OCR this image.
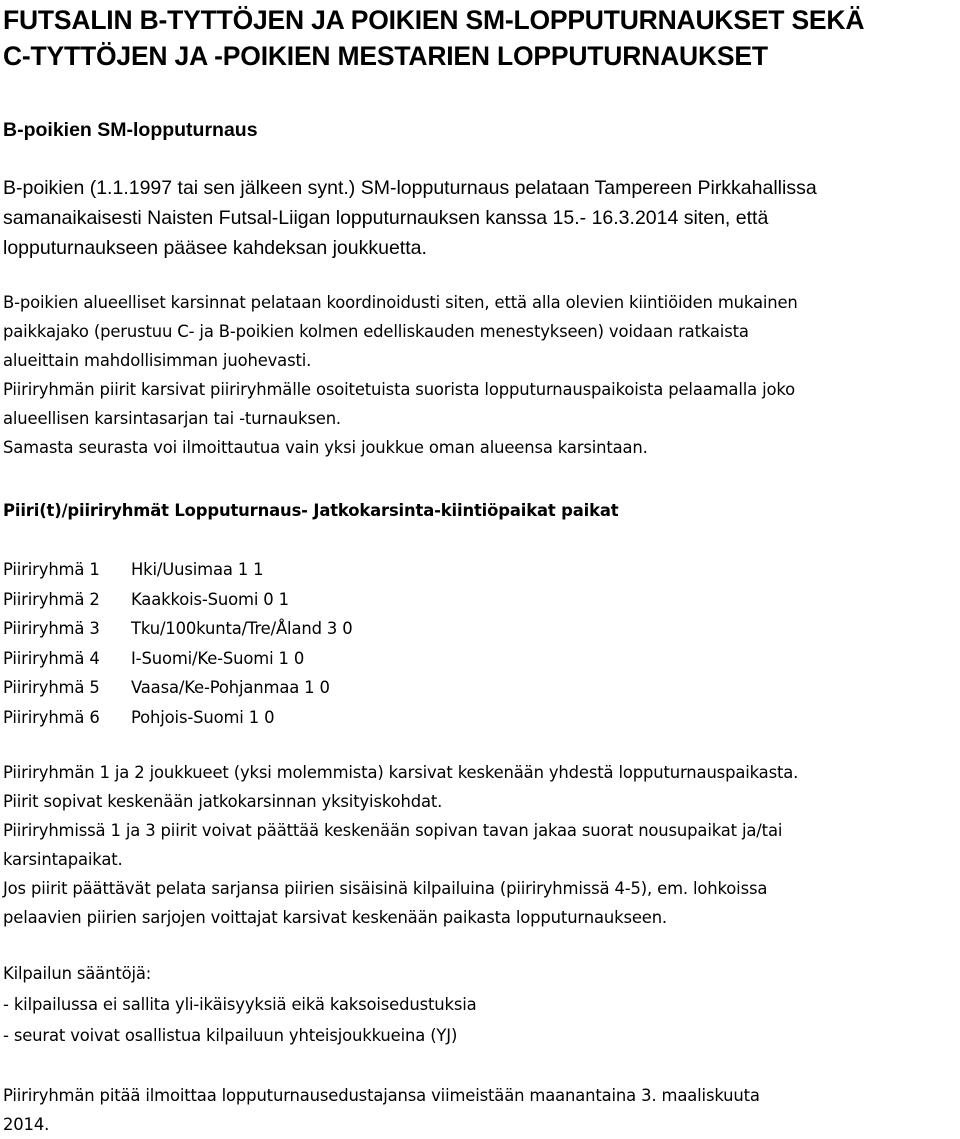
FUTSALIN B-TYTTÖJEN JA POIKIEN SM-LOPPUTURNAUKSET SEKÄ
C-TYTTÖJEN JA -POIKIEN MESTARIEN LOPPUTURNAUKSET
B-poikien SM-lopputurnaus
B-poikien (1.1.1997 tai sen jälkeen synt.) SM-lopputurnaus pelataan Tampereen Pirkkahallissa
samanaikaisesti Naisten Futsal-Liigan lopputurnauksen kanssa 15.- 16.3.2014 siten, että
lopputurnaukseen pääsee kahdeksan joukkuetta.
B-poikien alueelliset karsinnat pelataan koordinoidusti siten, että alla olevien kiintiöiden mukainen
paikkajako (perustuu C- ja B-poikien kolmen edelliskauden menestykseen) voidaan ratkaista
alueittain mahdollisimman juohevasti.
Piiriryhmän piirit karsivat piiriryhmälle osoitetuista suorista lopputurnauspaikoista pelaamalla joko
alueellisen karsintasarjan tai -turnauksen.
Samasta seurasta voi ilmoittautua vain yksi joukkue oman alueensa karsintaan.
Piiri(t)/piiriryhmät Lopputurnaus- Jatkokarsinta-kiintiöpaikat paikat
Piiriryhmä 1	Hki/Uusimaa 1 1
Piiriryhmä 2	Kaakkois-Suomi 0 1
Piiriryhmä 3	Tku/100kunta/Tre/Åland 3 0
Piiriryhmä 4	I-Suomi/Ke-Suomi 1 0
Piiriryhmä 5	Vaasa/Ke-Pohjanmaa 1 0
Piiriryhmä 6	Pohjois-Suomi 1 0
Piiriryhmän 1 ja 2 joukkueet (yksi molemmista) karsivat keskenään yhdestä lopputurnauspaikasta.
Piirit sopivat keskenään jatkokarsinnan yksityiskohdat.
Piiriryhmissä 1 ja 3 piirit voivat päättää keskenään sopivan tavan jakaa suorat nousupaikat ja/tai
karsintapaikat.
Jos piirit päättävät pelata sarjansa piirien sisäisinä kilpailuina (piiriryhmissä 4-5), em. lohkoissa
pelaavien piirien sarjojen voittajat karsivat keskenään paikasta lopputurnaukseen.
Kilpailun sääntöjä:
- kilpailussa ei sallita yli-ikäisyyksiä eikä kaksoisedustuksia
- seurat voivat osallistua kilpailuun yhteisjoukkueina (YJ)
Piiriryhmän pitää ilmoittaa lopputurnausedustajansa viimeistään maanantaina 3. maaliskuuta
2014.
